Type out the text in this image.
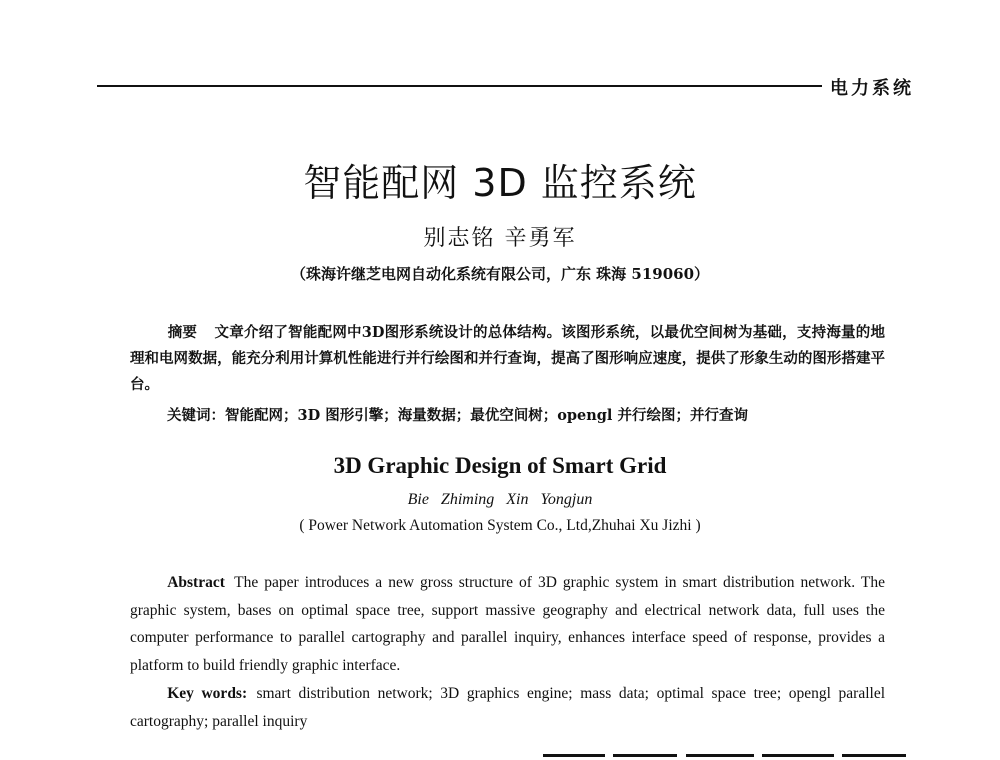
电力系统
智能配网 3D 监控系统
别志铭 辛勇军
（珠海许继芝电网自动化系统有限公司，广东 珠海 519060）
摘要 文章介绍了智能配网中3D图形系统设计的总体结构。该图形系统，以最优空间树为基础，支持海量的地理和电网数据，能充分利用计算机性能进行并行绘图和并行查询，提高了图形响应速度，提供了形象生动的图形搭建平台。
关键词：智能配网；3D 图形引擎；海量数据；最优空间树；opengl 并行绘图；并行查询
3D Graphic Design of Smart Grid
Bie Zhiming Xin Yongjun
( Power Network Automation System Co., Ltd,Zhuhai Xu Jizhi )
Abstract The paper introduces a new gross structure of 3D graphic system in smart distribution network. The graphic system, bases on optimal space tree, support massive geography and electrical network data, full uses the computer performance to parallel cartography and parallel inquiry, enhances interface speed of response, provides a platform to build friendly graphic interface.
Key words: smart distribution network; 3D graphics engine; mass data; optimal space tree; opengl parallel cartography; parallel inquiry
